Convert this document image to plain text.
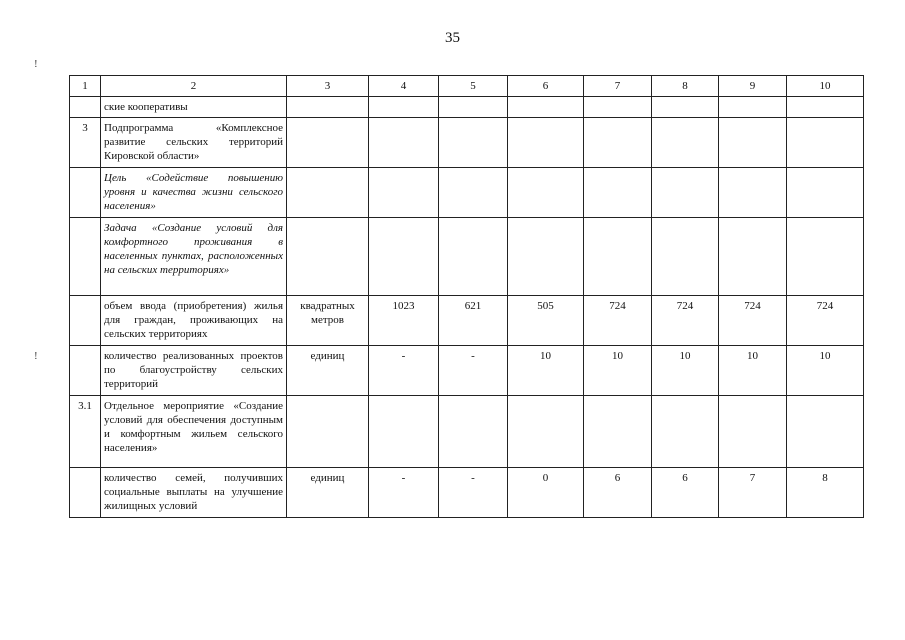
35
!
!
1	2	3	4	5	6	7	8	9	10
	ские кооперативы								
3	Подпрограмма «Комплексное развитие сельских территорий Кировской области»								
	Цель «Содействие повышению уровня и качества жизни сельского населения»								
	Задача «Создание условий для комфортного проживания в населенных пунктах, расположенных на сельских территориях»								
	объем ввода (приобретения) жилья для граждан, проживающих на сельских территориях	квадратных метров	1023	621	505	724	724	724	724
	количество реализованных проектов по благоустройству сельских территорий	единиц	-	-	10	10	10	10	10
3.1	Отдельное мероприятие «Создание условий для обеспечения доступным и комфортным жильем сельского населения»								
	количество семей, получивших социальные выплаты на улучшение жилищных условий	единиц	-	-	0	6	6	7	8
